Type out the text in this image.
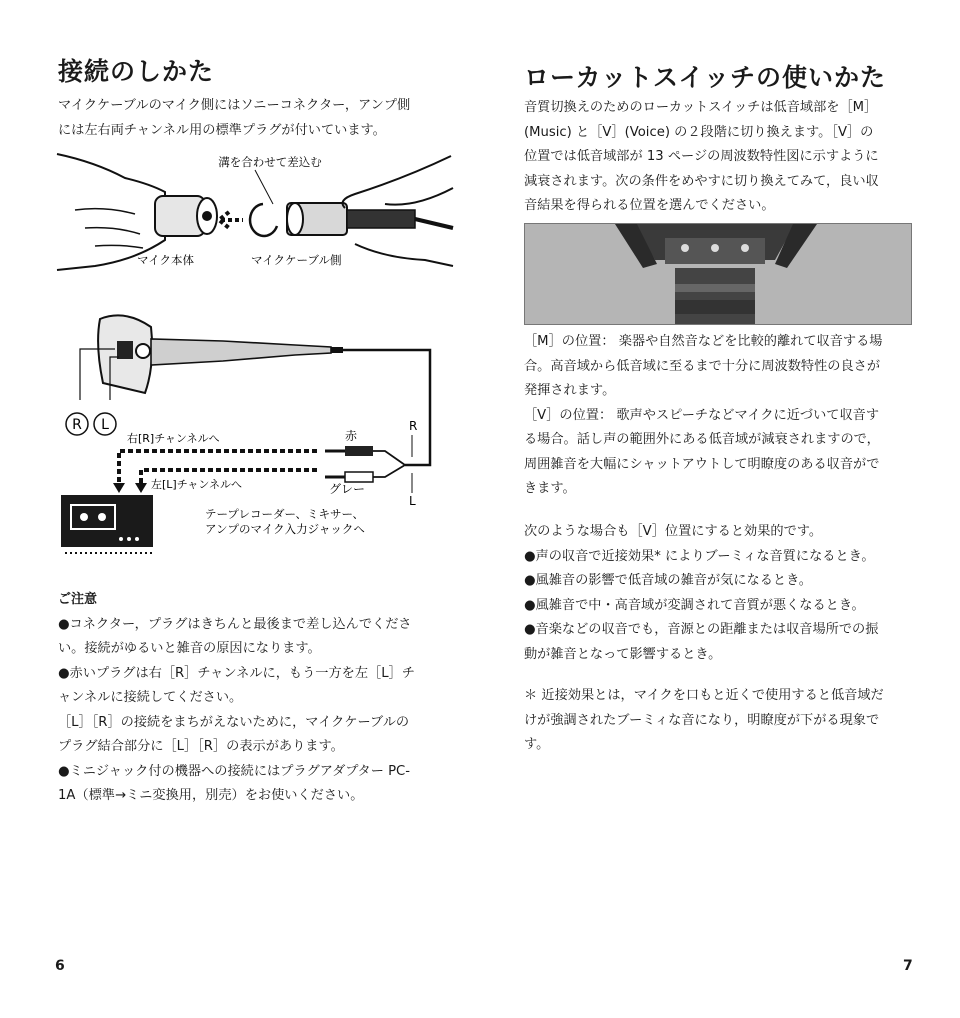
接続のしかた

マイクケーブルのマイク側にはソニーコネクター，アンプ側

には左右両チャンネル用の標準プラグが付いています。

溝を合わせて差込む
マイク本体	マイクケーブル側
R L	R
L
赤
グレー
右[R]チャンネルへ
左[L]チャンネルへ
テープレコーダー、ミキサー、
アンプのマイク入力ジャックへ

ご注意

●コネクター，プラグはきちんと最後まで差し込んでくださ

い。接続がゆるいと雑音の原因になります。

●赤いプラグは右［R］チャンネルに，もう一方を左［L］チ

ャンネルに接続してください。

［L］［R］の接続をまちがえないために，マイクケーブルの

プラグ結合部分に［L］［R］の表示があります。

●ミニジャック付の機器への接続にはプラグアダプター PC-

1A（標準→ミニ変換用，別売）をお使いください。

6
ローカットスイッチの使いかた

音質切換えのためのローカットスイッチは低音域部を［M］

(Music) と［V］(Voice) の２段階に切り換えます。［V］の

位置では低音域部が 13 ページの周波数特性図に示すように

減衰されます。次の条件をめやすに切り換えてみて，良い収

音結果を得られる位置を選んでください。

［M］の位置： 楽器や自然音などを比較的離れて収音する場

合。高音域から低音域に至るまで十分に周波数特性の良さが

発揮されます。

［V］の位置： 歌声やスピーチなどマイクに近づいて収音す

る場合。話し声の範囲外にある低音域が減衰されますので，

周囲雑音を大幅にシャットアウトして明瞭度のある収音がで

きます。

次のような場合も［V］位置にすると効果的です。

●声の収音で近接効果* によりブーミィな音質になるとき。

●風雑音の影響で低音域の雑音が気になるとき。

●風雑音で中・高音域が変調されて音質が悪くなるとき。

●音楽などの収音でも，音源との距離または収音場所での振

動が雑音となって影響するとき。

＊ 近接効果とは，マイクを口もと近くで使用すると低音域だ

けが強調されたブーミィな音になり，明瞭度が下がる現象で

す。

7
